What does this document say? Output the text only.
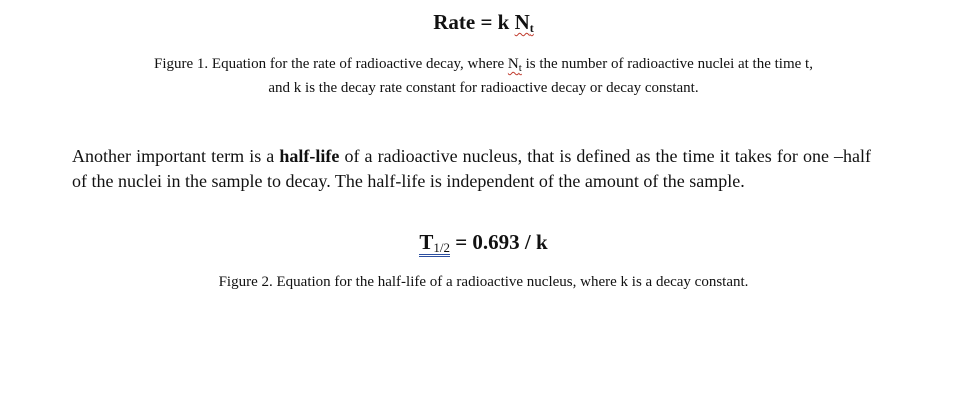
Rate = k $N_t$
Figure 1. Equation for the rate of radioactive decay, where $N_t$ is the number of radioactive nuclei at the time t,
and k is the decay rate constant for radioactive decay or decay constant.
Another important term is a half-life of a radioactive nucleus, that is defined as the time it takes for one –half of the nuclei in the sample to decay. The half-life is independent of the amount of the sample.
$T_{1/2} = 0.693 / k$
Figure 2. Equation for the half-life of a radioactive nucleus, where k is a decay constant.
